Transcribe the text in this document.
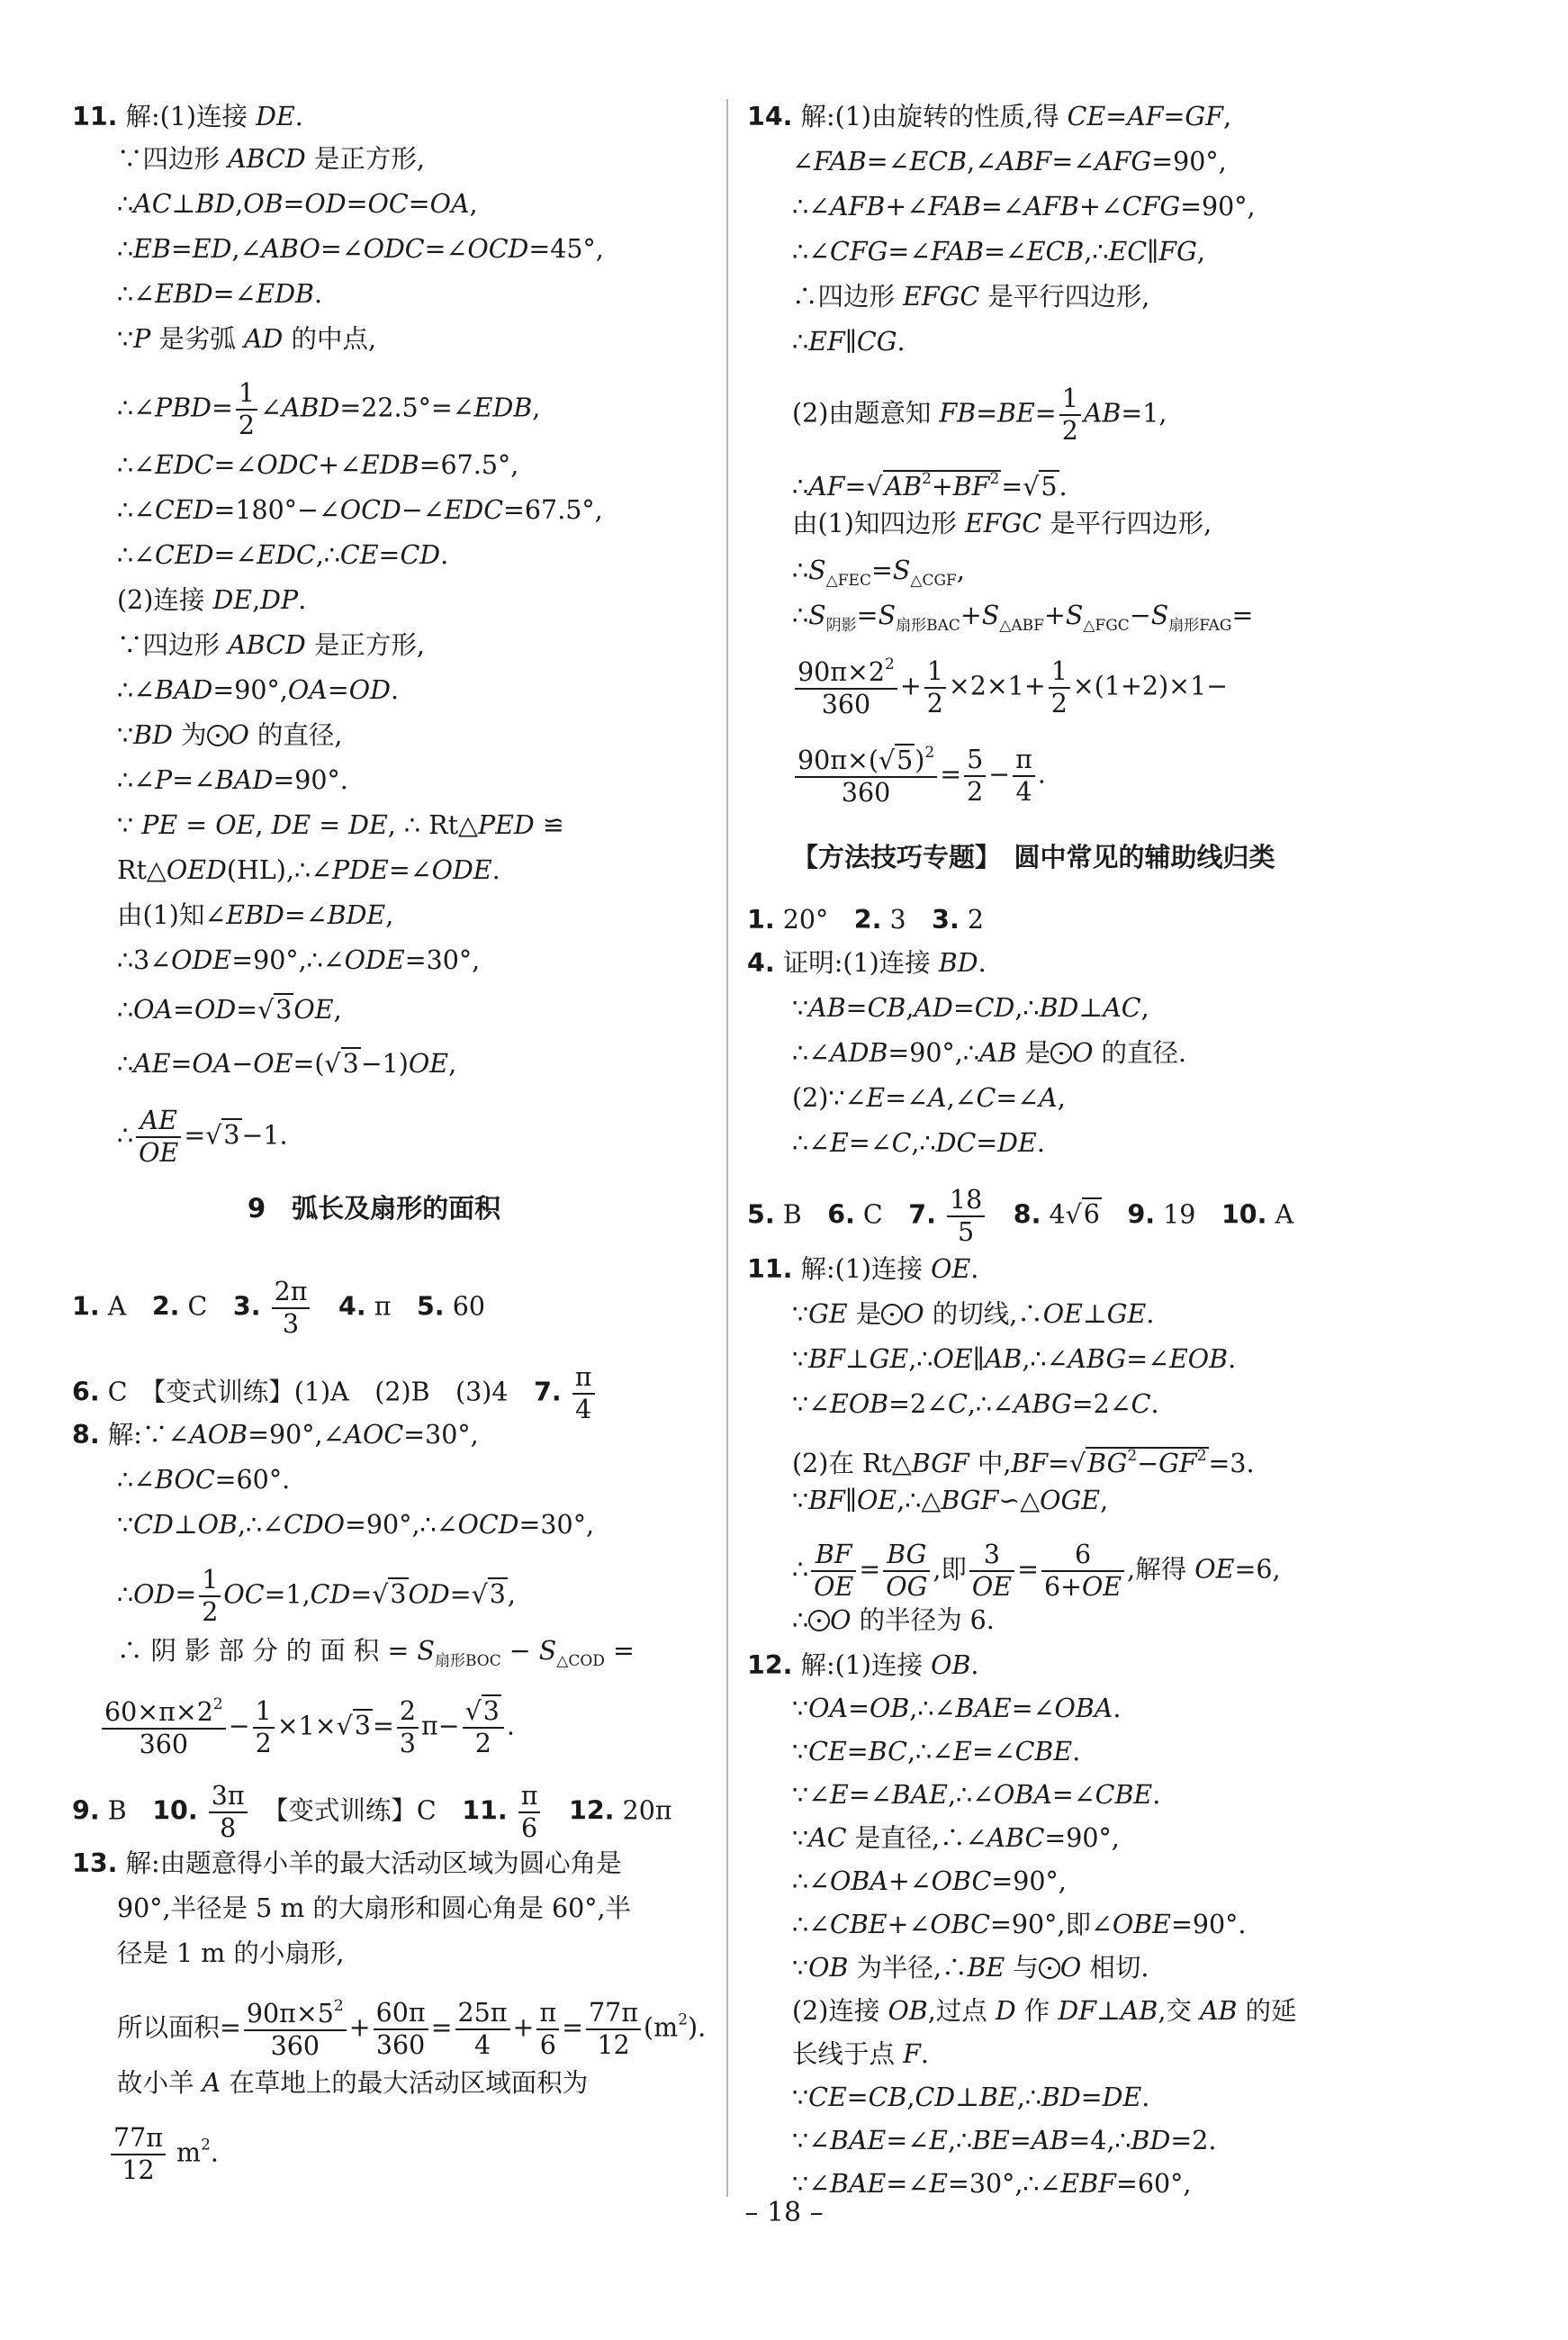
11. 解:(1)连接 DE.
∵四边形 ABCD 是正方形,
∴AC⊥BD,OB=OD=OC=OA,
∴EB=ED,∠ABO=∠ODC=∠OCD=45°,
∴∠EBD=∠EDB.
∵P 是劣弧 AD 的中点,
∴∠PBD= $\frac{1}{2}$ ∠ABD=22.5°=∠EDB,
∴∠EDC=∠ODC+∠EDB=67.5°,
∴∠CED=180°−∠OCD−∠EDC=67.5°,
∴∠CED=∠EDC,∴CE=CD.
(2)连接 DE,DP.
∵四边形 ABCD 是正方形,
∴∠BAD=90°,OA=OD.
∵BD 为 O 的直径,
∴∠P=∠BAD=90°.
∵ PE = OE, DE = DE, ∴ Rt△PED ≌
Rt△OED(HL),∴∠PDE=∠ODE.
由(1)知∠EBD=∠BDE,
∴3∠ODE=90°,∴∠ODE=30°,
∴OA=OD=√3OE,
∴AE=OA−OE=(√3−1)OE,
∴ $\frac{AE}{OE} =√3-1$.
9　弧长及扇形的面积
1. A　2. C　3. $\frac{2\pi}{3}$
　 4. π　5. 60
6. C　【变式训练】(1)A　(2)B　(3)4　7. $\frac{\pi}{4}$
8. 解:∵∠AOB=90°,∠AOC=30°,
∴∠BOC=60°.
∵CD⊥OB,∴∠CDO=90°,∴∠OCD=30°,
∴OD= $\frac{1}{2} OC=1,CD=√3OD=√3$,
∴ 阴 影 部 分 的 面 积 = $S_{扇形BOC} - S_{\triangle COD}$ =
$\frac{60\times\pi\times 2^2}{360} - \frac{1}{2} \times 1\times√3= \frac{2}{3} \pi- \frac{√3}{2}$ .
9. B　10. $\frac{3\pi}{8}$ 　【变式训练】C　11. $\frac{\pi}{6}$
　 12. 20π
13. 解:由题意得小羊的最大活动区域为圆心角是
90°,半径是 5 m 的大扇形和圆心角是 60°,半
径是 1 m 的小扇形,
所以面积= $\frac{90\pi\times 5^2}{360} + \frac{60\pi}{360} = \frac{25\pi}{4} + \frac{\pi}{6} = \frac{77\pi}{12} (m^2)$.
故小羊 A 在草地上的最大活动区域面积为
$\frac{77\pi}{12} m^2$.
14. 解:(1)由旋转的性质,得 CE=AF=GF,
∠FAB=∠ECB,∠ABF=∠AFG=90°,
∴∠AFB+∠FAB=∠AFB+∠CFG=90°,
∴∠CFG=∠FAB=∠ECB,∴EC∥FG,
∴四边形 EFGC 是平行四边形,
∴EF∥CG.
(2)由题意知 $FB=BE= \frac{1}{2} AB=1$,
$\therefore AF=√AB^2+BF^2=√5$.
由(1)知四边形 EFGC 是平行四边形,
$\therefore S_{\triangle FEC}=S_{\triangle CGF}$,
$\therefore S_{阴影}=S_{扇形BAC}+S_{\triangle ABF}+S_{\triangle FGC}-S_{扇形FAG}=$
$\frac{90\pi\times 2^2}{360} + \frac{1}{2} \times 2\times 1+ \frac{1}{2} \times(1+2)\times 1-$
$\frac{90\pi\times(√5)^2}{360} = \frac{5}{2} - \frac{\pi}{4}$ .
【方法技巧专题】　圆中常见的辅助线归类
1. 20°　2. 3　3. 2
4. 证明:(1)连接 BD.
∵AB=CB,AD=CD,∴BD⊥AC,
∴∠ADB=90°,∴AB 是 O 的直径.
(2)∵∠E=∠A,∠C=∠A,
∴∠E=∠C,∴DC=DE.
5. B　6. C　7. $\frac{18}{5}$
　 8. 4√6　 9. 19　10. A
11. 解:(1)连接 OE.
∵GE 是 O 的切线,∴OE⊥GE.
∵BF⊥GE,∴OE∥AB,∴∠ABG=∠EOB.
∵∠EOB=2∠C,∴∠ABG=2∠C.
(2)在 Rt△BGF 中$,BF=√BG^2-GF^2=3$.
∵BF∥OE,∴△BGF∽△OGE,
∴ $\frac{BF}{OE} = \frac{BG}{OG}$ ,即 $\frac{3}{OE} = \frac{6}{6+OE}$ ,解得 OE=6,
∴ O 的半径为 6.
12. 解:(1)连接 OB.
∵OA=OB,∴∠BAE=∠OBA.
∵CE=BC,∴∠E=∠CBE.
∵∠E=∠BAE,∴∠OBA=∠CBE.
∵AC 是直径,∴∠ABC=90°,
∴∠OBA+∠OBC=90°,
∴∠CBE+∠OBC=90°,即∠OBE=90°.
∵OB 为半径,∴BE 与 O 相切.
(2)连接 OB,过点 D 作 DF⊥AB,交 AB 的延
长线于点 F.
∵CE=CB,CD⊥BE,∴BD=DE.
∵∠BAE=∠E,∴BE=AB=4,∴BD=2.
∵∠BAE=∠E=30°,∴∠EBF=60°,
– 18 –
